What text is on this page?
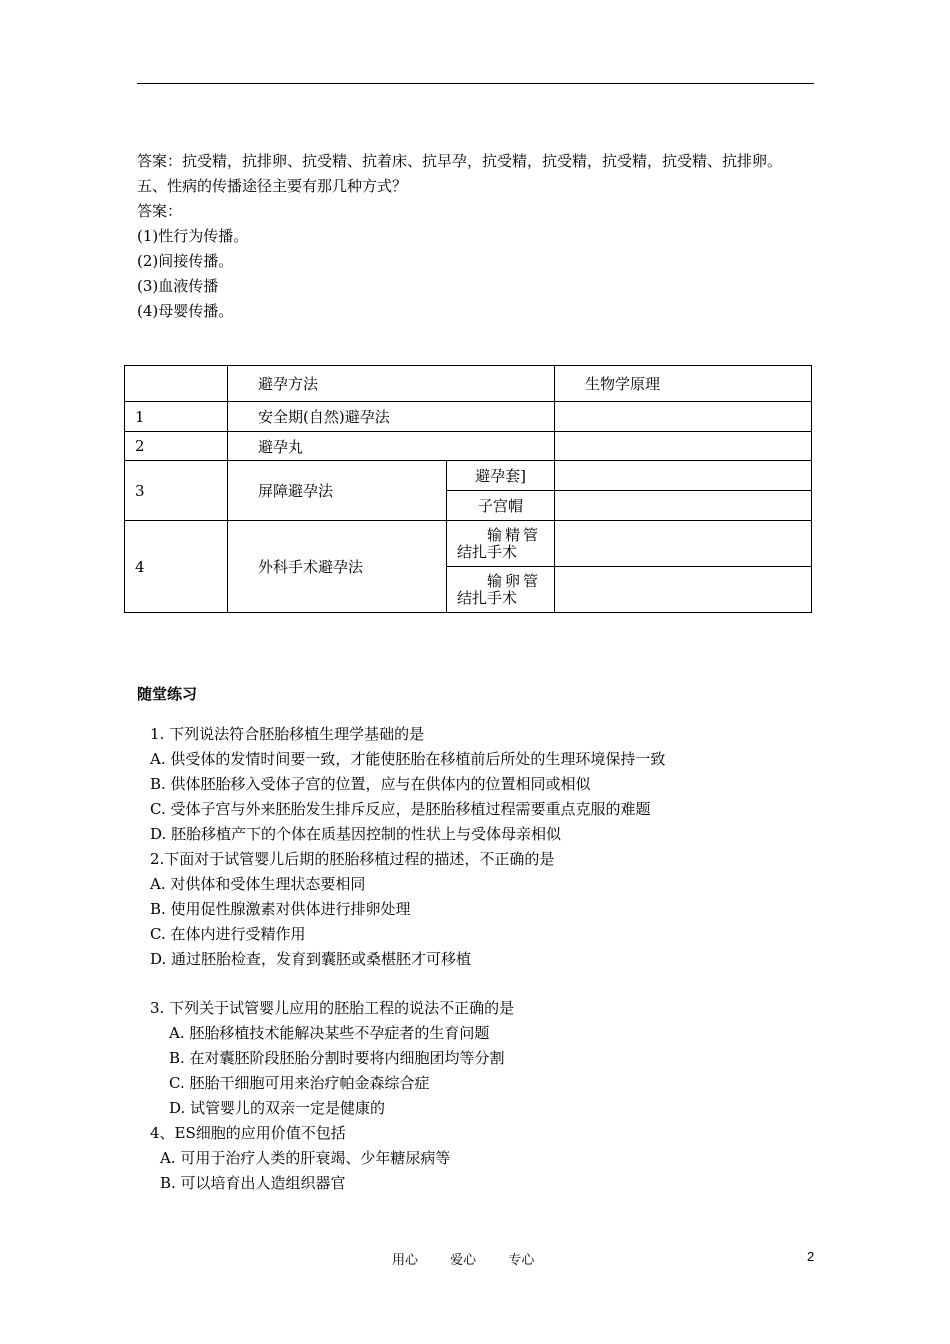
答案：抗受精，抗排卵、抗受精、抗着床、抗早孕，抗受精，抗受精，抗受精，抗受精、抗排卵。
五、性病的传播途径主要有那几种方式？
答案：
(1)性行为传播。
(2)间接传播。
(3)血液传播
(4)母婴传播。
	避孕方法		生物学原理
1	安全期(自然)避孕法		
2	避孕丸		
3	屏障避孕法	避孕套]	
		子宫帽	
4	外科手术避孕法	输精管
结扎手术	

		输卵管
结扎手术	

随堂练习
1. 下列说法符合胚胎移植生理学基础的是
A. 供受体的发情时间要一致，才能使胚胎在移植前后所处的生理环境保持一致
B. 供体胚胎移入受体子宫的位置，应与在供体内的位置相同或相似
C. 受体子宫与外来胚胎发生排斥反应，是胚胎移植过程需要重点克服的难题
D. 胚胎移植产下的个体在质基因控制的性状上与受体母亲相似
2.下面对于试管婴儿后期的胚胎移植过程的描述，不正确的是
A. 对供体和受体生理状态要相同
B. 使用促性腺激素对供体进行排卵处理
C. 在体内进行受精作用
D. 通过胚胎检查，发育到囊胚或桑椹胚才可移植
3. 下列关于试管婴儿应用的胚胎工程的说法不正确的是
A. 胚胎移植技术能解决某些不孕症者的生育问题
B. 在对囊胚阶段胚胎分割时要将内细胞团均等分割
C. 胚胎干细胞可用来治疗帕金森综合症
D. 试管婴儿的双亲一定是健康的
4、ES细胞的应用价值不包括
A. 可用于治疗人类的肝衰竭、少年糖尿病等
B. 可以培育出人造组织器官
用心 爱心 专心	2
